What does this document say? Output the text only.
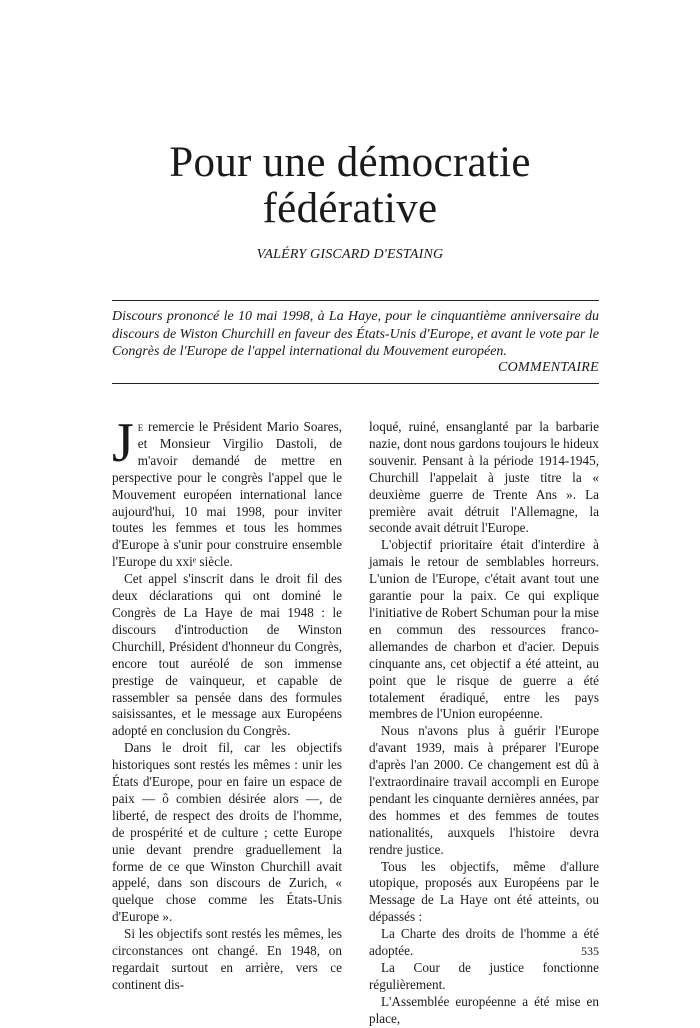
Pour une démocratie
fédérative
VALÉRY GISCARD D'ESTAING

Discours prononcé le 10 mai 1998, à La Haye, pour le cinquantième anniversaire du discours de Wiston Churchill en faveur des États-Unis d'Europe, et avant le vote par le Congrès de l'Europe de l'appel international du Mouvement européen.

COMMENTAIRE

Je remercie le Président Mario Soares, et Monsieur Virgilio Dastoli, de m'avoir demandé de mettre en perspective pour le congrès l'appel que le Mouvement européen international lance aujourd'hui, 10 mai 1998, pour inviter toutes les femmes et tous les hommes d'Europe à s'unir pour construire ensemble l'Europe du xxiᵉ siècle.

Cet appel s'inscrit dans le droit fil des deux déclarations qui ont dominé le Congrès de La Haye de mai 1948 : le discours d'introduction de Winston Churchill, Président d'honneur du Congrès, encore tout auréolé de son immense prestige de vainqueur, et capable de rassembler sa pensée dans des formules saisissantes, et le message aux Européens adopté en conclusion du Congrès.

Dans le droit fil, car les objectifs historiques sont restés les mêmes : unir les États d'Europe, pour en faire un espace de paix — ô combien désirée alors —, de liberté, de respect des droits de l'homme, de prospérité et de culture ; cette Europe unie devant prendre graduellement la forme de ce que Winston Churchill avait appelé, dans son discours de Zurich, « quelque chose comme les États-Unis d'Europe ».

Si les objectifs sont restés les mêmes, les circonstances ont changé. En 1948, on regardait surtout en arrière, vers ce continent dis-

loqué, ruiné, ensanglanté par la barbarie nazie, dont nous gardons toujours le hideux souvenir. Pensant à la période 1914-1945, Churchill l'appelait à juste titre la « deuxième guerre de Trente Ans ». La première avait détruit l'Allemagne, la seconde avait détruit l'Europe.

L'objectif prioritaire était d'interdire à jamais le retour de semblables horreurs. L'union de l'Europe, c'était avant tout une garantie pour la paix. Ce qui explique l'initiative de Robert Schuman pour la mise en commun des ressources franco-allemandes de charbon et d'acier. Depuis cinquante ans, cet objectif a été atteint, au point que le risque de guerre a été totalement éradiqué, entre les pays membres de l'Union européenne.

Nous n'avons plus à guérir l'Europe d'avant 1939, mais à préparer l'Europe d'après l'an 2000. Ce changement est dû à l'extraordinaire travail accompli en Europe pendant les cinquante dernières années, par des hommes et des femmes de toutes nationalités, auxquels l'histoire devra rendre justice.

Tous les objectifs, même d'allure utopique, proposés aux Européens par le Message de La Haye ont été atteints, ou dépassés :

La Charte des droits de l'homme a été adoptée.

La Cour de justice fonctionne régulièrement.

L'Assemblée européenne a été mise en place,

535
